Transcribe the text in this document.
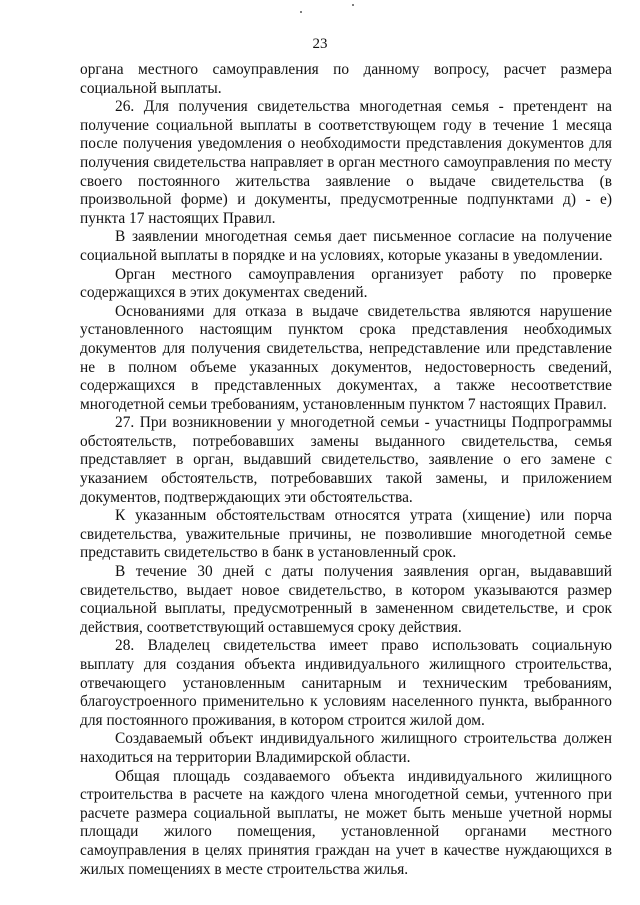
23

органа местного самоуправления по данному вопросу, расчет размера социальной выплаты.

26. Для получения свидетельства многодетная семья - претендент на получение социальной выплаты в соответствующем году в течение 1 месяца после получения уведомления о необходимости представления документов для получения свидетельства направляет в орган местного самоуправления по месту своего постоянного жительства заявление о выдаче свидетельства (в произвольной форме) и документы, предусмотренные подпунктами д) - е) пункта 17 настоящих Правил.

В заявлении многодетная семья дает письменное согласие на получение социальной выплаты в порядке и на условиях, которые указаны в уведомлении.

Орган местного самоуправления организует работу по проверке содержащихся в этих документах сведений.

Основаниями для отказа в выдаче свидетельства являются нарушение установленного настоящим пунктом срока представления необходимых документов для получения свидетельства, непредставление или представление не в полном объеме указанных документов, недостоверность сведений, содержащихся в представленных документах, а также несоответствие многодетной семьи требованиям, установленным пунктом 7 настоящих Правил.

27. При возникновении у многодетной семьи - участницы Подпрограммы обстоятельств, потребовавших замены выданного свидетельства, семья представляет в орган, выдавший свидетельство, заявление о его замене с указанием обстоятельств, потребовавших такой замены, и приложением документов, подтверждающих эти обстоятельства.

К указанным обстоятельствам относятся утрата (хищение) или порча свидетельства, уважительные причины, не позволившие многодетной семье представить свидетельство в банк в установленный срок.

В течение 30 дней с даты получения заявления орган, выдававший свидетельство, выдает новое свидетельство, в котором указываются размер социальной выплаты, предусмотренный в замененном свидетельстве, и срок действия, соответствующий оставшемуся сроку действия.

28. Владелец свидетельства имеет право использовать социальную выплату для создания объекта индивидуального жилищного строительства, отвечающего установленным санитарным и техническим требованиям, благоустроенного применительно к условиям населенного пункта, выбранного для постоянного проживания, в котором строится жилой дом.

Создаваемый объект индивидуального жилищного строительства должен находиться на территории Владимирской области.

Общая площадь создаваемого объекта индивидуального жилищного строительства в расчете на каждого члена многодетной семьи, учтенного при расчете размера социальной выплаты, не может быть меньше учетной нормы площади жилого помещения, установленной органами местного самоуправления в целях принятия граждан на учет в качестве нуждающихся в жилых помещениях в месте строительства жилья.
